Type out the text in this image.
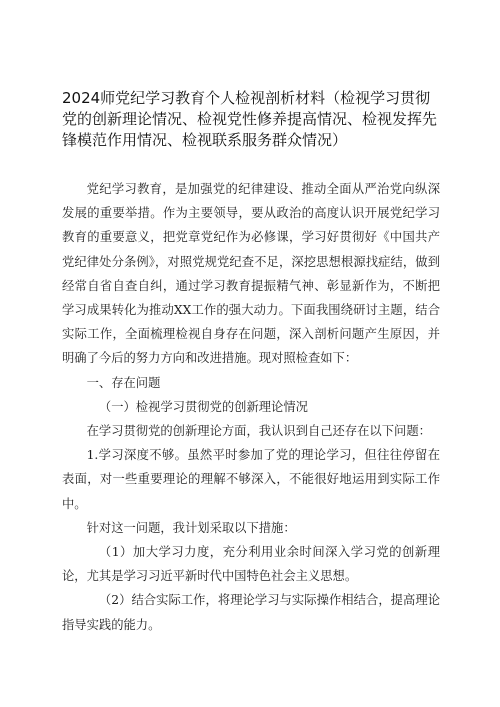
2024师党纪学习教育个人检视剖析材料（检视学习贯彻党的创新理论情况、检视党性修养提高情况、检视发挥先锋模范作用情况、检视联系服务群众情况）

党纪学习教育，是加强党的纪律建设、推动全面从严治党向纵深发展的重要举措。作为主要领导，要从政治的高度认识开展党纪学习教育的重要意义，把党章党纪作为必修课，学习好贯彻好《中国共产党纪律处分条例》，对照党规党纪查不足，深挖思想根源找症结，做到经常自省自查自纠，通过学习教育提振精气神、彰显新作为，不断把学习成果转化为推动XX工作的强大动力。下面我围绕研讨主题，结合实际工作，全面梳理检视自身存在问题，深入剖析问题产生原因，并明确了今后的努力方向和改进措施。现对照检查如下：

一、存在问题

（一）检视学习贯彻党的创新理论情况

在学习贯彻党的创新理论方面，我认识到自己还存在以下问题：

1.学习深度不够。虽然平时参加了党的理论学习，但往往停留在表面，对一些重要理论的理解不够深入，不能很好地运用到实际工作中。

针对这一问题，我计划采取以下措施：

（1）加大学习力度，充分利用业余时间深入学习党的创新理论，尤其是学习习近平新时代中国特色社会主义思想。

（2）结合实际工作，将理论学习与实际操作相结合，提高理论指导实践的能力。
